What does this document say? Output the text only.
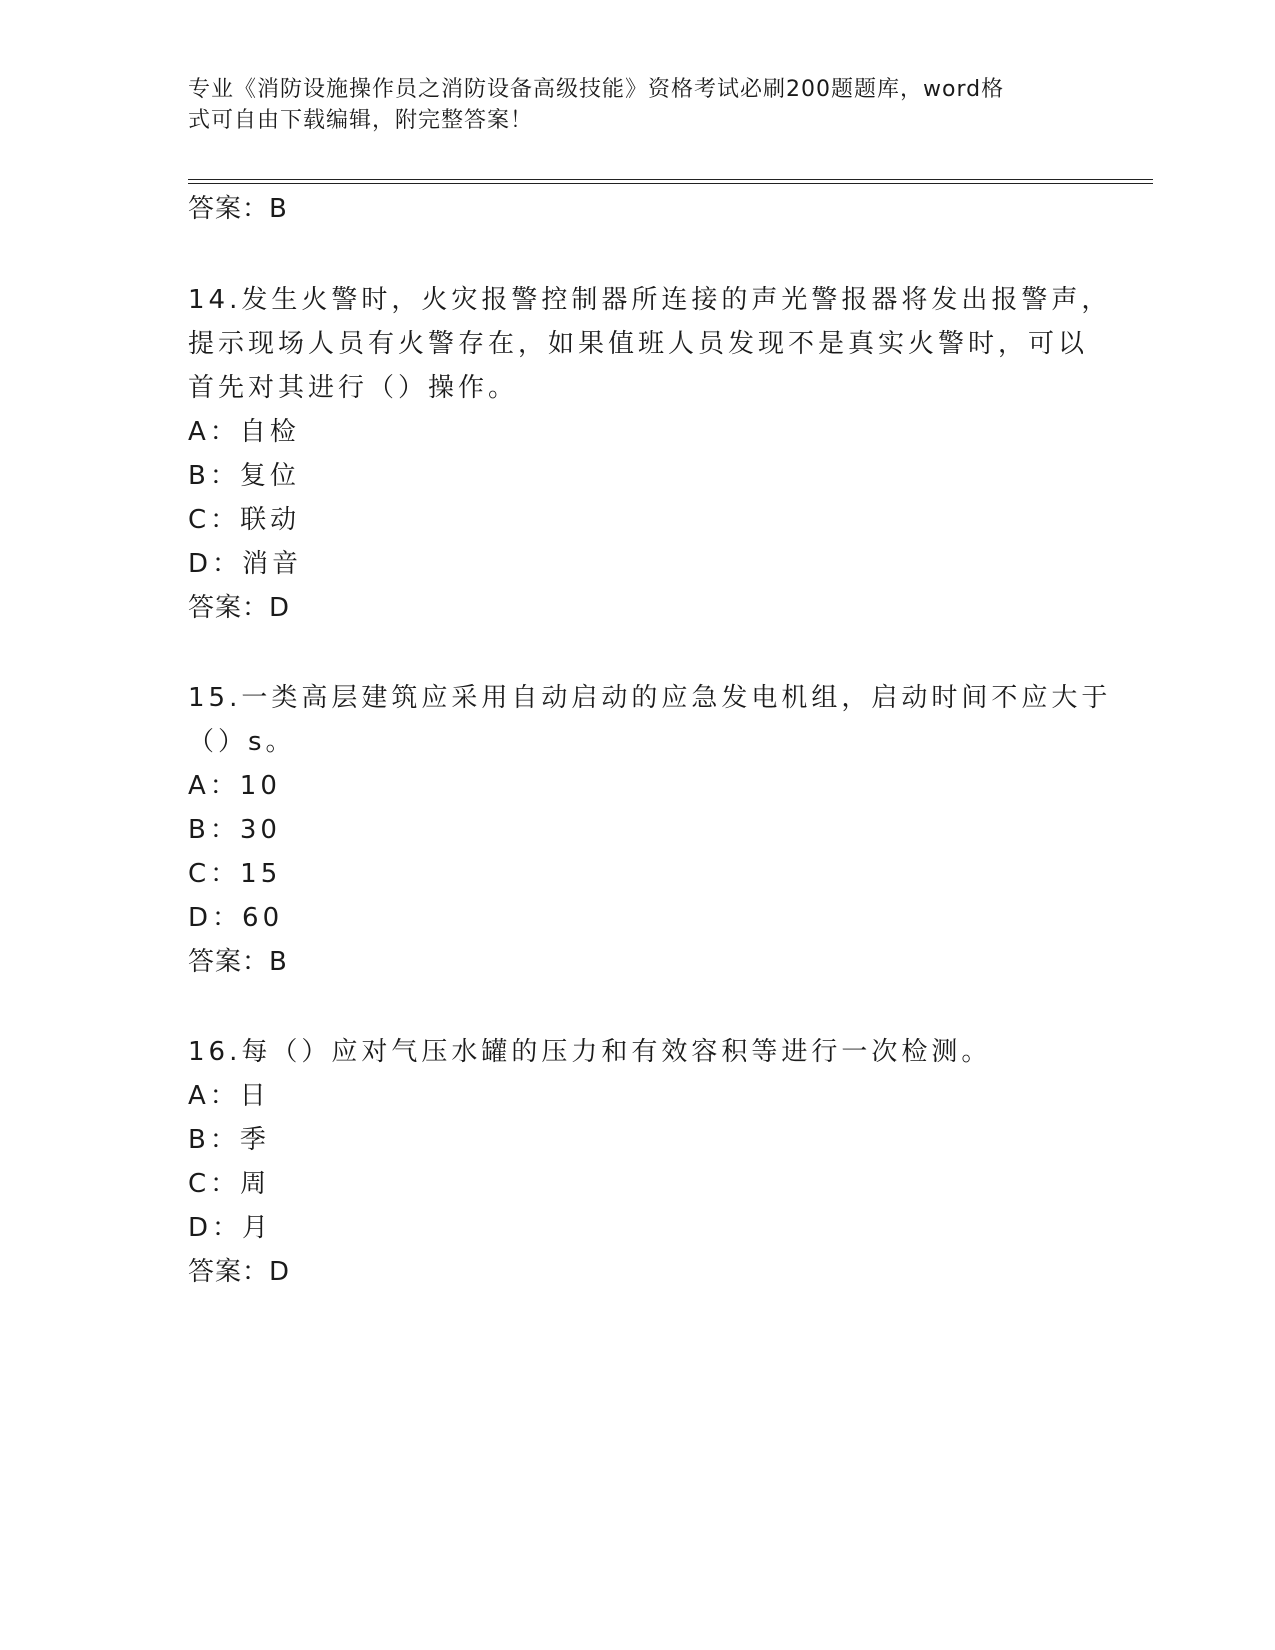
专业《消防设施操作员之消防设备高级技能》资格考试必刷200题题库，word格
式可自由下载编辑，附完整答案！
答案：B
14.发生火警时，火灾报警控制器所连接的声光警报器将发出报警声，
提示现场人员有火警存在，如果值班人员发现不是真实火警时，可以
首先对其进行（）操作。
A：自检
B：复位
C：联动
D：消音
答案：D
15.一类高层建筑应采用自动启动的应急发电机组，启动时间不应大于
（）s。
A：10
B：30
C：15
D：60
答案：B
16.每（）应对气压水罐的压力和有效容积等进行一次检测。
A：日
B：季
C：周
D：月
答案：D
